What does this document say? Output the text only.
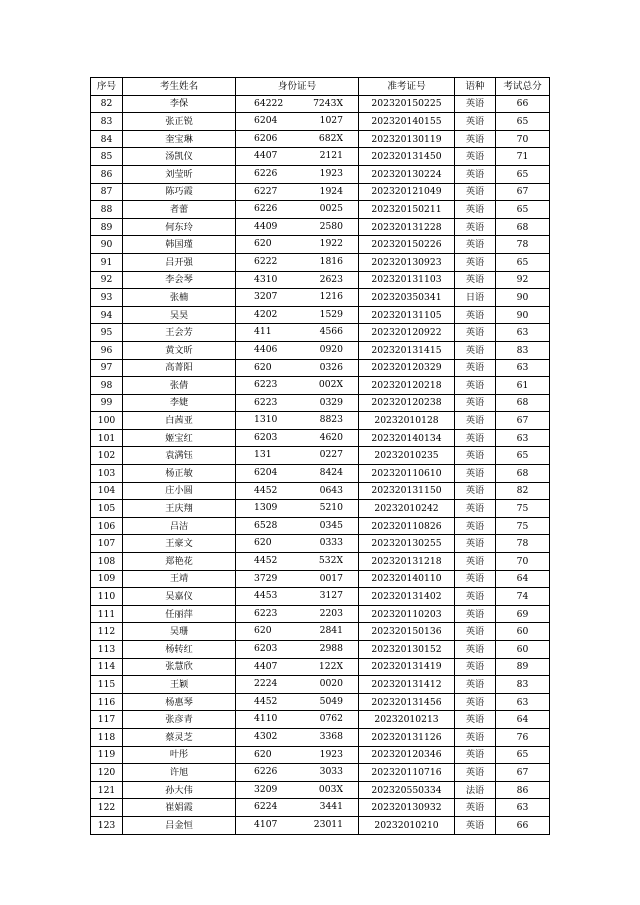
序号	考生姓名	身份证号	准考证号	语种	考试总分
82	李保	64222 7243X	202320150225	英语	66
83	张正锐	6204 1027	202320140155	英语	65
84	奎宝琳	6206 682X	202320130119	英语	70
85	汤凯仪	4407 2121	202320131450	英语	71
86	刘莹昕	6226 1923	202320130224	英语	65
87	陈巧霞	6227 1924	202320121049	英语	67
88	者蕾	6226 0025	202320150211	英语	65
89	何东玲	4409 2580	202320131228	英语	68
90	韩国瑾	620 1922	202320150226	英语	78
91	吕开强	6222 1816	202320130923	英语	65
92	李会琴	4310 2623	202320131103	英语	92
93	张楠	3207 1216	202320350341	日语	90
94	吴昊	4202 1529	202320131105	英语	90
95	王会芳	411 4566	202320120922	英语	63
96	黄文昕	4406 0920	202320131415	英语	83
97	高菁阳	620 0326	202320120329	英语	63
98	张倩	6223 002X	202320120218	英语	61
99	李婕	6223 0329	202320120238	英语	68
100	白茜亚	1310 8823	20232010128	英语	67
101	姬宝红	6203 4620	202320140134	英语	63
102	袁满钰	131 0227	20232010235	英语	65
103	杨正敏	6204 8424	202320110610	英语	68
104	庄小圆	4452 0643	202320131150	英语	82
105	王庆翔	1309 5210	20232010242	英语	75
106	吕洁	6528 0345	202320110826	英语	75
107	王豪文	620 0333	202320130255	英语	78
108	郑艳花	4452 532X	202320131218	英语	70
109	王靖	3729 0017	202320140110	英语	64
110	吴嘉仪	4453 3127	202320131402	英语	74
111	任丽萍	6223 2203	202320110203	英语	69
112	吴珊	620 2841	202320150136	英语	60
113	杨转红	6203 2988	202320130152	英语	60
114	张慧欣	4407 122X	202320131419	英语	89
115	王颖	2224 0020	202320131412	英语	83
116	杨惠琴	4452 5049	202320131456	英语	63
117	张彦青	4110 0762	20232010213	英语	64
118	蔡灵芝	4302 3368	202320131126	英语	76
119	叶彤	620 1923	202320120346	英语	65
120	许旭	6226 3033	202320110716	英语	67
121	孙大伟	3209 003X	202320550334	法语	86
122	崔娟霞	6224 3441	202320130932	英语	63
123	吕金恒	4107 23011	20232010210	英语	66
